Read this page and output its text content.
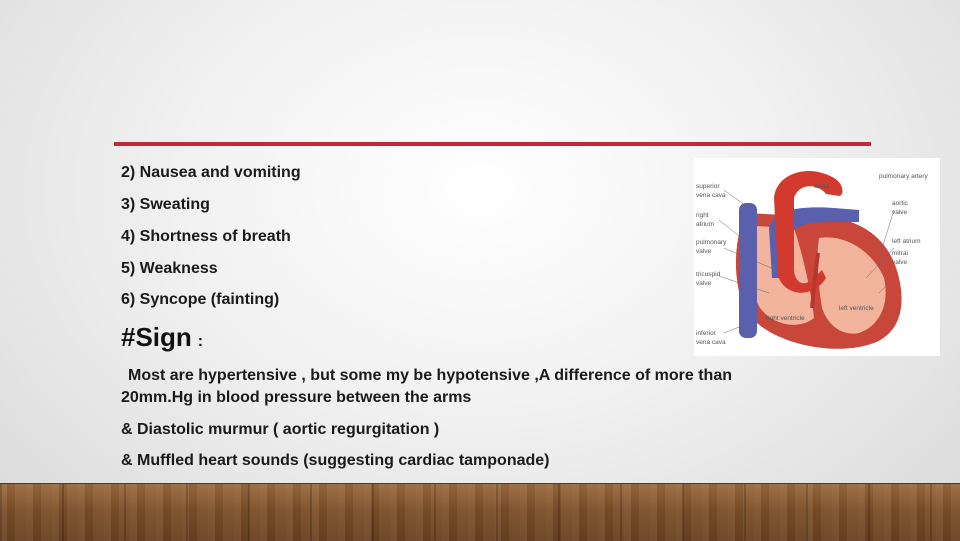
2) Nausea and vomiting
3) Sweating
4) Shortness of breath
5) Weakness
6) Syncope (fainting)
#Sign :
Most are hypertensive , but some my be hypotensive ,A difference of more than
20mm.Hg in blood pressure between the arms
& Diastolic murmur ( aortic regurgitation )
& Muffled heart sounds (suggesting cardiac tamponade)
aorta
pulmonary artery
superior
vena cava
right
atrium
pulmonary
valve
tricuspid
valve
inferior
vena cava
aortic
valve
left atrium
mitral
valve
left ventricle
right ventricle
